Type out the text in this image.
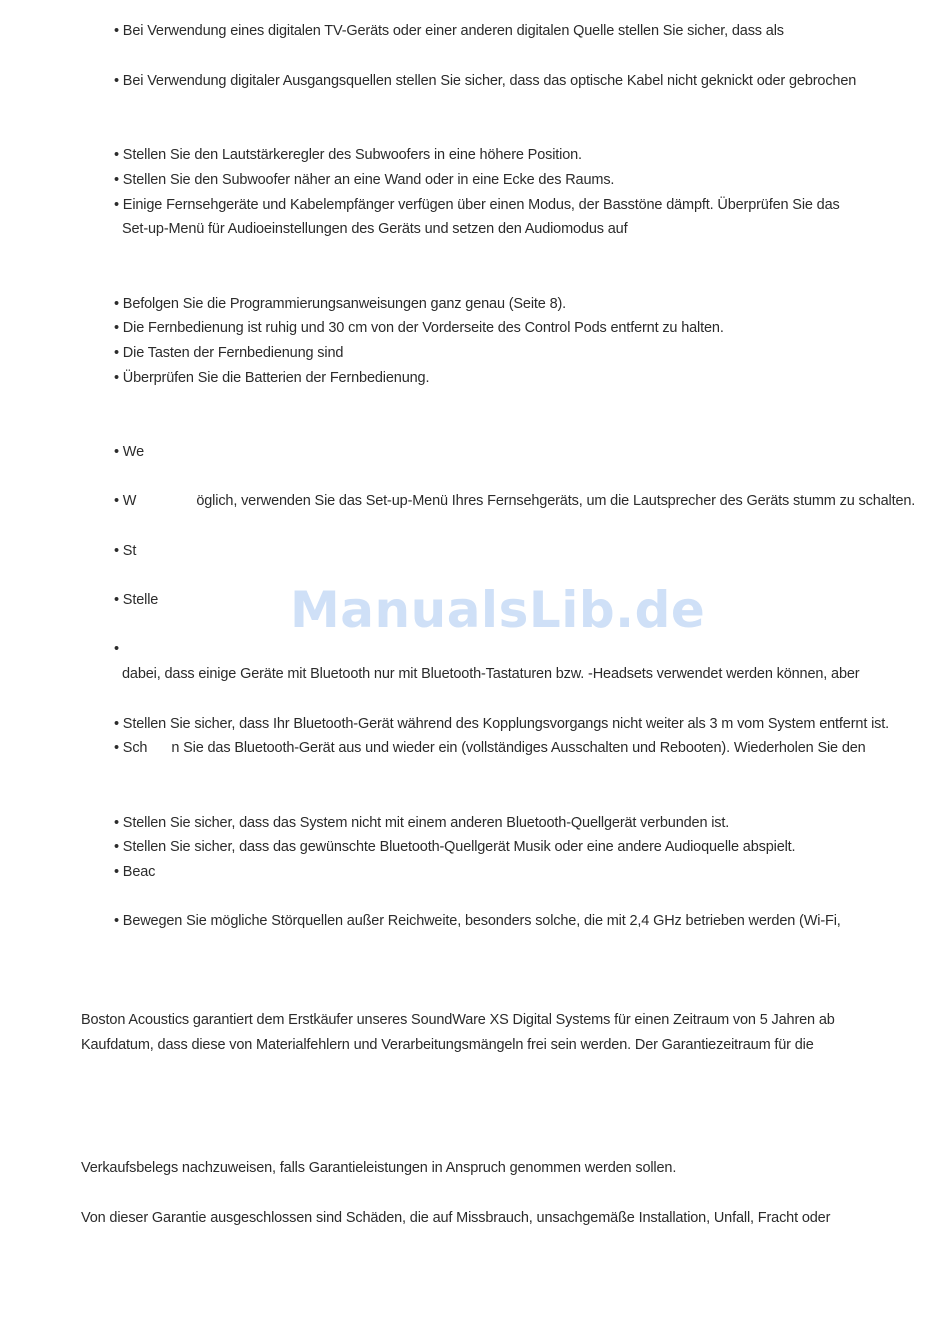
• Bei Verwendung eines digitalen TV-Geräts oder einer anderen digitalen Quelle stellen Sie sicher, dass als
• Bei Verwendung digitaler Ausgangsquellen stellen Sie sicher, dass das optische Kabel nicht geknickt oder gebrochen
• Stellen Sie den Lautstärkeregler des Subwoofers in eine höhere Position.
• Stellen Sie den Subwoofer näher an eine Wand oder in eine Ecke des Raums.
• Einige Fernsehgeräte und Kabelempfänger verfügen über einen Modus, der Basstöne dämpft. Überprüfen Sie das
Set-up-Menü für Audioeinstellungen des Geräts und setzen den Audiomodus auf
• Befolgen Sie die Programmierungsanweisungen ganz genau (Seite 8).
• Die Fernbedienung ist ruhig und 30 cm von der Vorderseite des Control Pods entfernt zu halten.
• Die Tasten der Fernbedienung sind
• Überprüfen Sie die Batterien der Fernbedienung.
• We
• W	öglich, verwenden Sie das Set-up-Menü Ihres Fernsehgeräts, um die Lautsprecher des Geräts stumm zu schalten.
• St
• Stelle
•
dabei, dass einige Geräte mit Bluetooth nur mit Bluetooth-Tastaturen bzw. -Headsets verwendet werden können, aber
• Stellen Sie sicher, dass Ihr Bluetooth-Gerät während des Kopplungsvorgangs nicht weiter als 3 m vom System entfernt ist.
• Sch n Sie das Bluetooth-Gerät aus und wieder ein (vollständiges Ausschalten und Rebooten). Wiederholen Sie den
• Stellen Sie sicher, dass das System nicht mit einem anderen Bluetooth-Quellgerät verbunden ist.
• Stellen Sie sicher, dass das gewünschte Bluetooth-Quellgerät Musik oder eine andere Audioquelle abspielt.
• Beac
• Bewegen Sie mögliche Störquellen außer Reichweite, besonders solche, die mit 2,4 GHz betrieben werden (Wi-Fi,
Boston Acoustics garantiert dem Erstkäufer unseres SoundWare XS Digital Systems für einen Zeitraum von 5 Jahren ab
Kaufdatum, dass diese von Materialfehlern und Verarbeitungsmängeln frei sein werden. Der Garantiezeitraum für die
Verkaufsbelegs nachzuweisen, falls Garantieleistungen in Anspruch genommen werden sollen.
Von dieser Garantie ausgeschlossen sind Schäden, die auf Missbrauch, unsachgemäße Installation, Unfall, Fracht oder
ManualsLib.de
